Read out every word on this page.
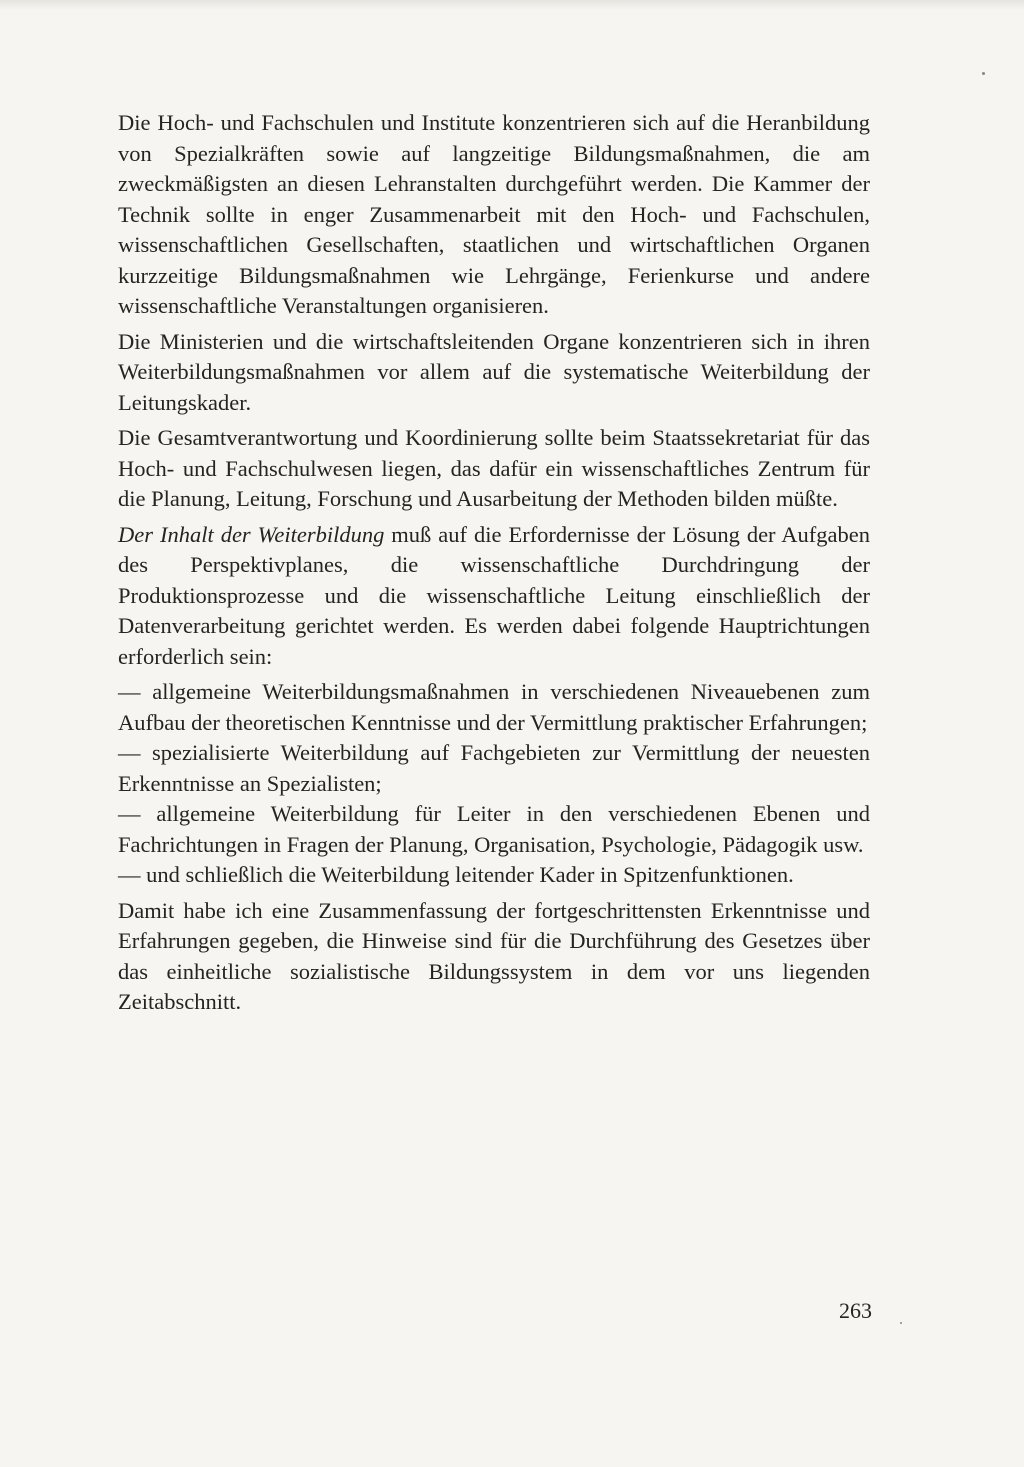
Die Hoch- und Fachschulen und Institute konzentrieren sich auf die Heranbildung von Spezialkräften sowie auf langzeitige Bildungsmaßnahmen, die am zweckmäßigsten an diesen Lehranstalten durchgeführt werden. Die Kammer der Technik sollte in enger Zusammenarbeit mit den Hoch- und Fachschulen, wissenschaftlichen Gesellschaften, staatlichen und wirtschaftlichen Organen kurzzeitige Bildungsmaßnahmen wie Lehrgänge, Ferienkurse und andere wissenschaftliche Veranstaltungen organisieren.

Die Ministerien und die wirtschaftsleitenden Organe konzentrieren sich in ihren Weiterbildungsmaßnahmen vor allem auf die systematische Weiterbildung der Leitungskader.

Die Gesamtverantwortung und Koordinierung sollte beim Staatssekretariat für das Hoch- und Fachschulwesen liegen, das dafür ein wissenschaftliches Zentrum für die Planung, Leitung, Forschung und Ausarbeitung der Methoden bilden müßte.

Der Inhalt der Weiterbildung muß auf die Erfordernisse der Lösung der Aufgaben des Perspektivplanes, die wissenschaftliche Durchdringung der Produktionsprozesse und die wissenschaftliche Leitung einschließlich der Datenverarbeitung gerichtet werden. Es werden dabei folgende Hauptrichtungen erforderlich sein:

— allgemeine Weiterbildungsmaßnahmen in verschiedenen Niveauebenen zum Aufbau der theoretischen Kenntnisse und der Vermittlung praktischer Erfahrungen;
— spezialisierte Weiterbildung auf Fachgebieten zur Vermittlung der neuesten Erkenntnisse an Spezialisten;
— allgemeine Weiterbildung für Leiter in den verschiedenen Ebenen und Fachrichtungen in Fragen der Planung, Organisation, Psychologie, Pädagogik usw.
— und schließlich die Weiterbildung leitender Kader in Spitzenfunktionen.

Damit habe ich eine Zusammenfassung der fortgeschrittensten Erkenntnisse und Erfahrungen gegeben, die Hinweise sind für die Durchführung des Gesetzes über das einheitliche sozialistische Bildungssystem in dem vor uns liegenden Zeitabschnitt.

263
